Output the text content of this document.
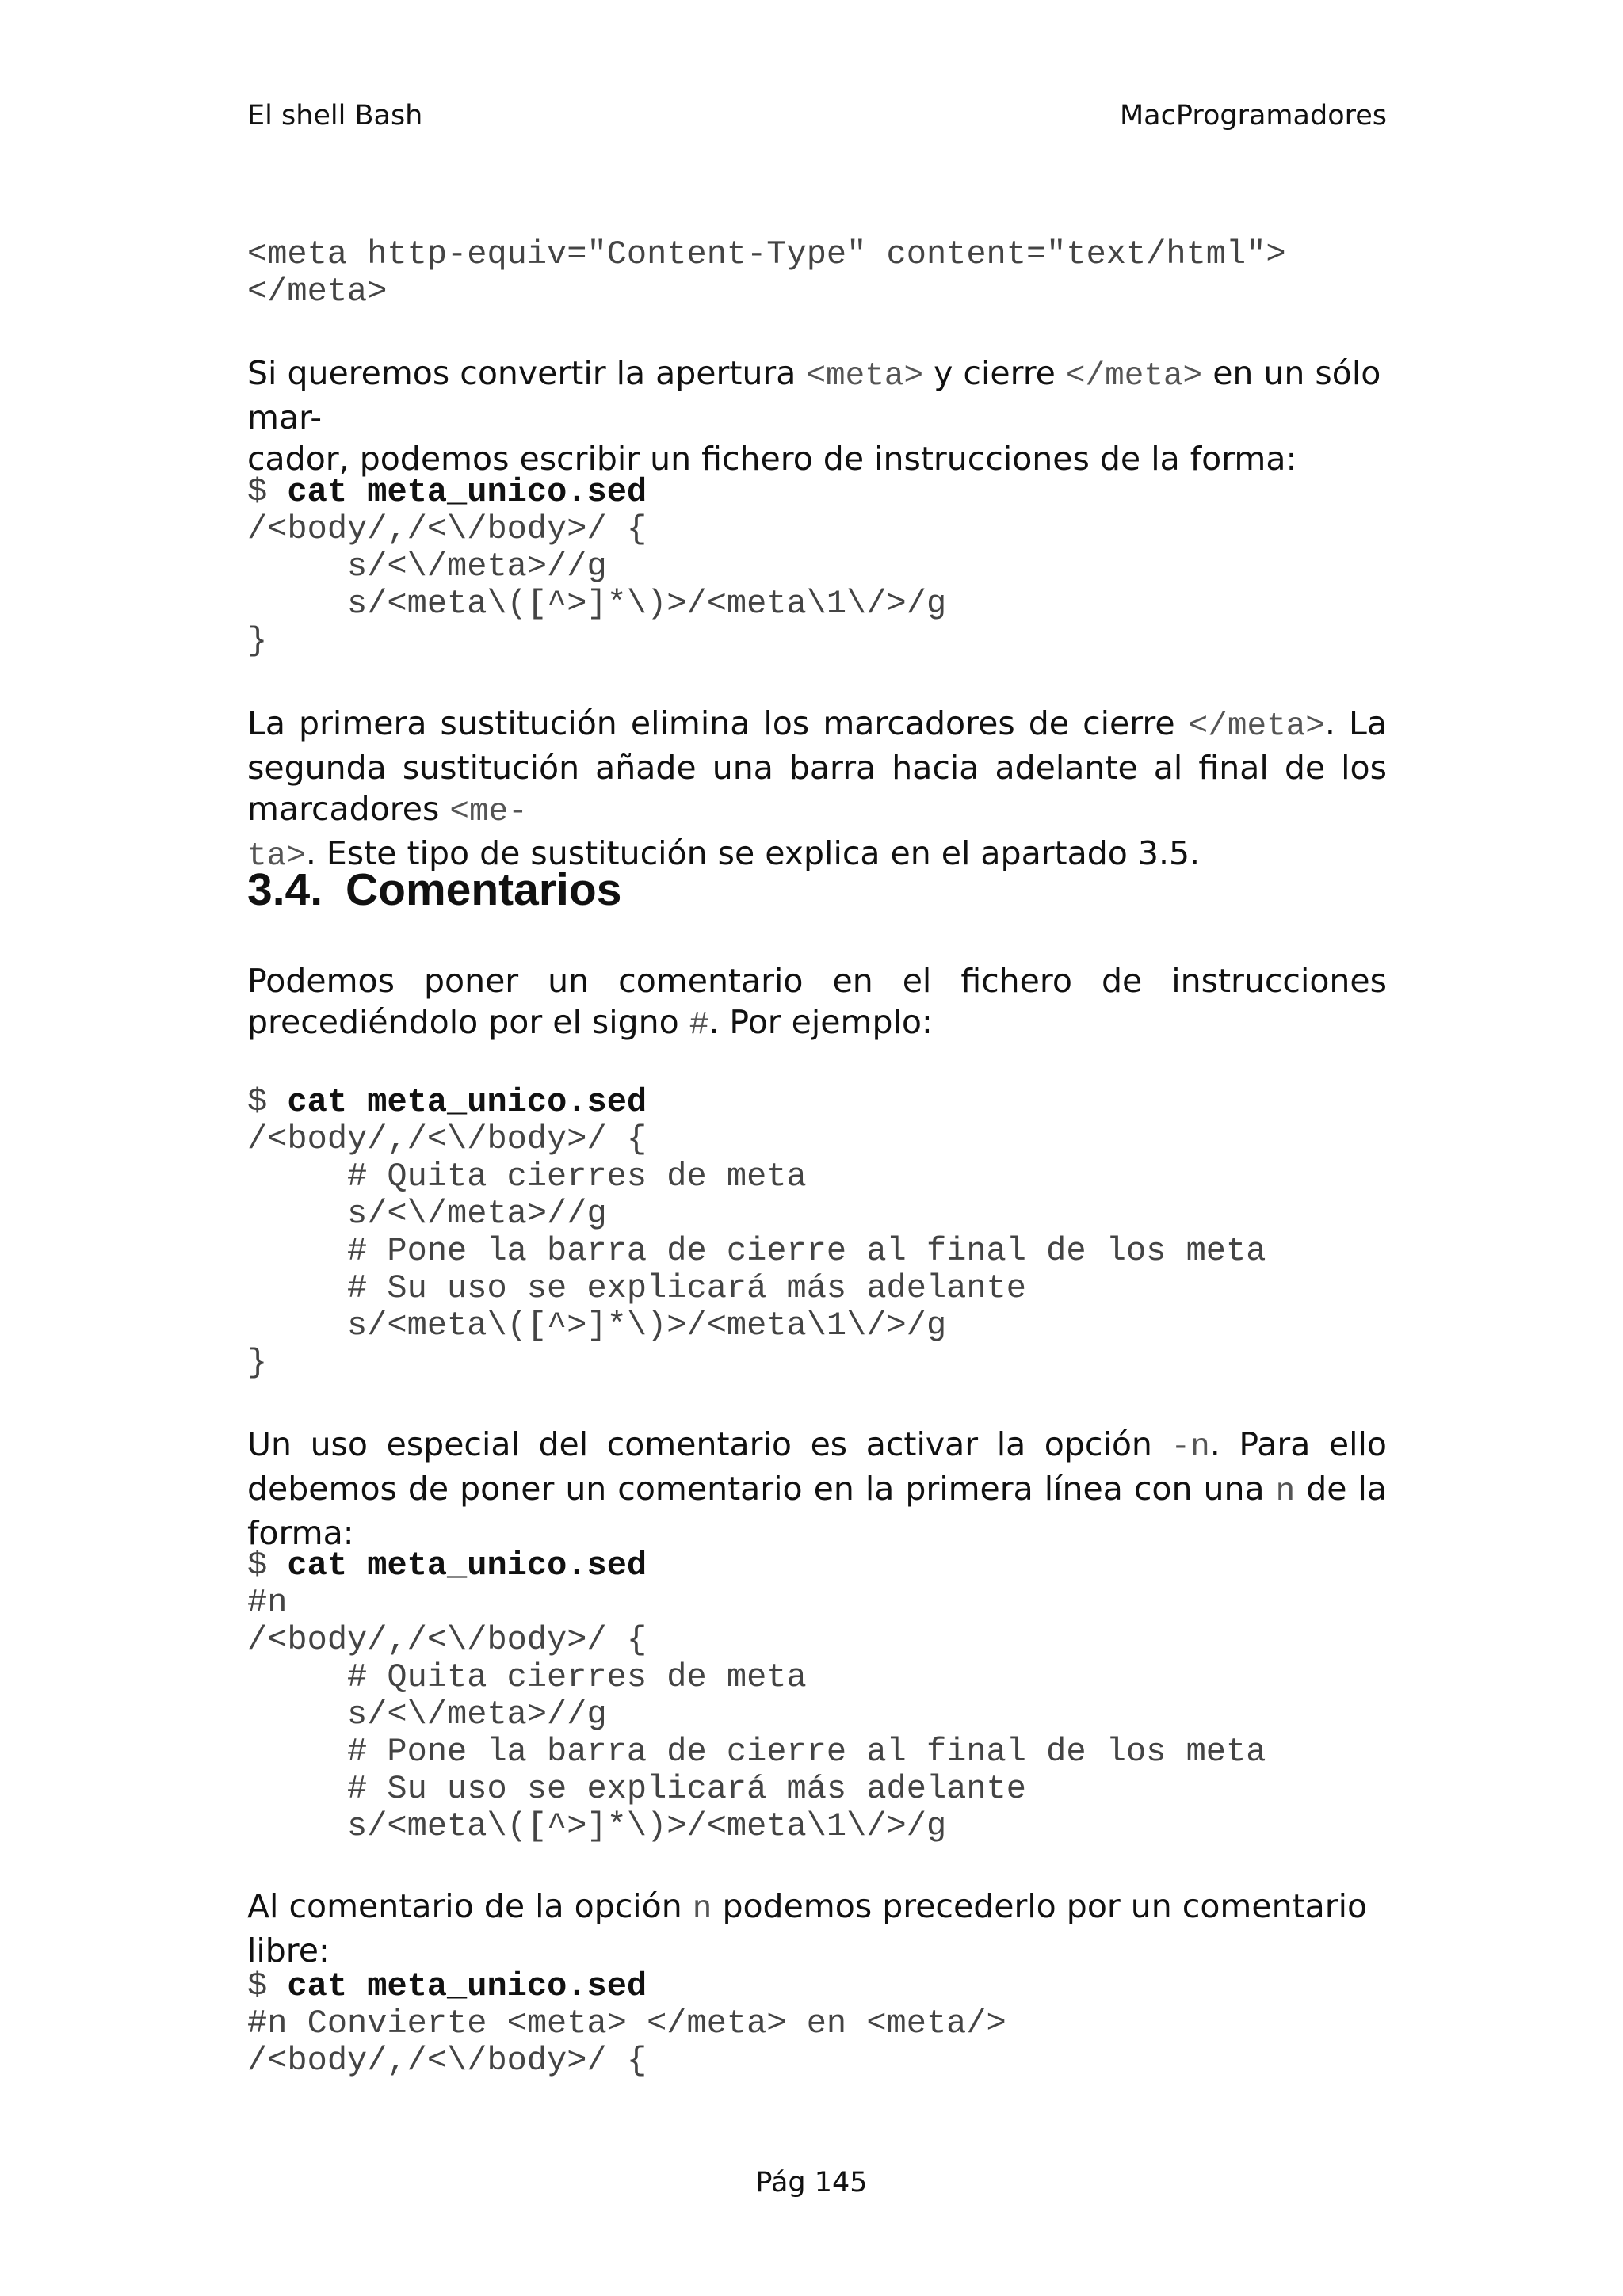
El shell Bash	MacProgramadores
<meta http-equiv="Content-Type" content="text/html">
</meta>

Si queremos convertir la apertura <meta> y cierre </meta> en un sólo mar-
cador, podemos escribir un fichero de instrucciones de la forma:

$ cat meta_unico.sed
/<body/,/<\/body>/ {
s/<\/meta>//g
s/<meta\([^>]*\)>/<meta\1\/>/g
}

La primera sustitución elimina los marcadores de cierre </meta>. La segunda sustitución añade una barra hacia adelante al final de los marcadores <me-
ta>. Este tipo de sustitución se explica en el apartado 3.5.

3.4. Comentarios

Podemos poner un comentario en el fichero de instrucciones precediéndolo por el signo #. Por ejemplo:

$ cat meta_unico.sed
/<body/,/<\/body>/ {
# Quita cierres de meta
s/<\/meta>//g
# Pone la barra de cierre al final de los meta
# Su uso se explicará más adelante
s/<meta\([^>]*\)>/<meta\1\/>/g
}

Un uso especial del comentario es activar la opción -n. Para ello debemos de poner un comentario en la primera línea con una n de la forma:

$ cat meta_unico.sed
#n
/<body/,/<\/body>/ {
# Quita cierres de meta
s/<\/meta>//g
# Pone la barra de cierre al final de los meta
# Su uso se explicará más adelante
s/<meta\([^>]*\)>/<meta\1\/>/g

Al comentario de la opción n podemos precederlo por un comentario libre:

$ cat meta_unico.sed
#n Convierte <meta> </meta> en <meta/>
/<body/,/<\/body>/ {
Pág 145
